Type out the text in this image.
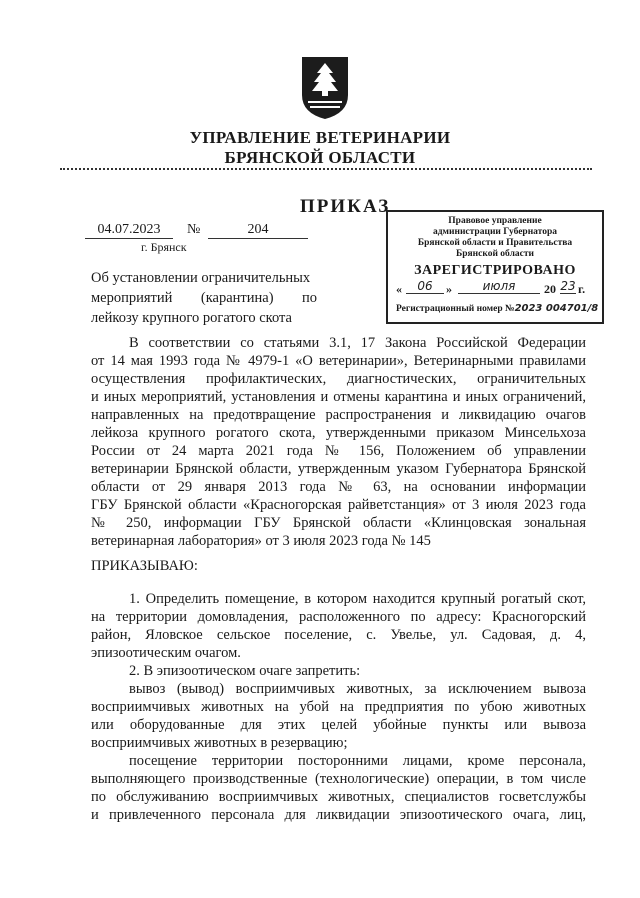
УПРАВЛЕНИЕ ВЕТЕРИНАРИИ
БРЯНСКОЙ ОБЛАСТИ
ПРИКАЗ
04.07.2023	№	204
г. Брянск
Об установлении ограничительных
мероприятий (карантина) по
лейкозу крупного рогатого скота
Правовое управление
администрации Губернатора
Брянской области и Правительства
Брянской области
ЗАРЕГИСТРИРОВАНО
«	06	»	июля	20 23 г.
Регистрационный номер №2023 004701/8
В соответствии со статьями 3.1, 17 Закона Российской Федерации
от 14 мая 1993 года № 4979-1 «О ветеринарии», Ветеринарными правилами
осуществления профилактических, диагностических, ограничительных
и иных мероприятий, установления и отмены карантина и иных ограничений,
направленных на предотвращение распространения и ликвидацию очагов
лейкоза крупного рогатого скота, утвержденными приказом Минсельхоза
России от 24 марта 2021 года № 156, Положением об управлении
ветеринарии Брянской области, утвержденным указом Губернатора Брянской
области от 29 января 2013 года № 63, на основании информации
ГБУ Брянской области «Красногорская райветстанция» от 3 июля 2023 года
№ 250, информации ГБУ Брянской области «Клинцовская зональная
ветеринарная лаборатория» от 3 июля 2023 года № 145
ПРИКАЗЫВАЮ:
1. Определить помещение, в котором находится крупный рогатый скот,
на территории домовладения, расположенного по адресу: Красногорский
район, Яловское сельское поселение, с. Увелье, ул. Садовая, д. 4,
эпизоотическим очагом.
2. В эпизоотическом очаге запретить:
вывоз (вывод) восприимчивых животных, за исключением вывоза
восприимчивых животных на убой на предприятия по убою животных
или оборудованные для этих целей убойные пункты или вывоза
восприимчивых животных в резервацию;
посещение территории посторонними лицами, кроме персонала,
выполняющего производственные (технологические) операции, в том числе
по обслуживанию восприимчивых животных, специалистов госветслужбы
и привлеченного персонала для ликвидации эпизоотического очага, лиц,
